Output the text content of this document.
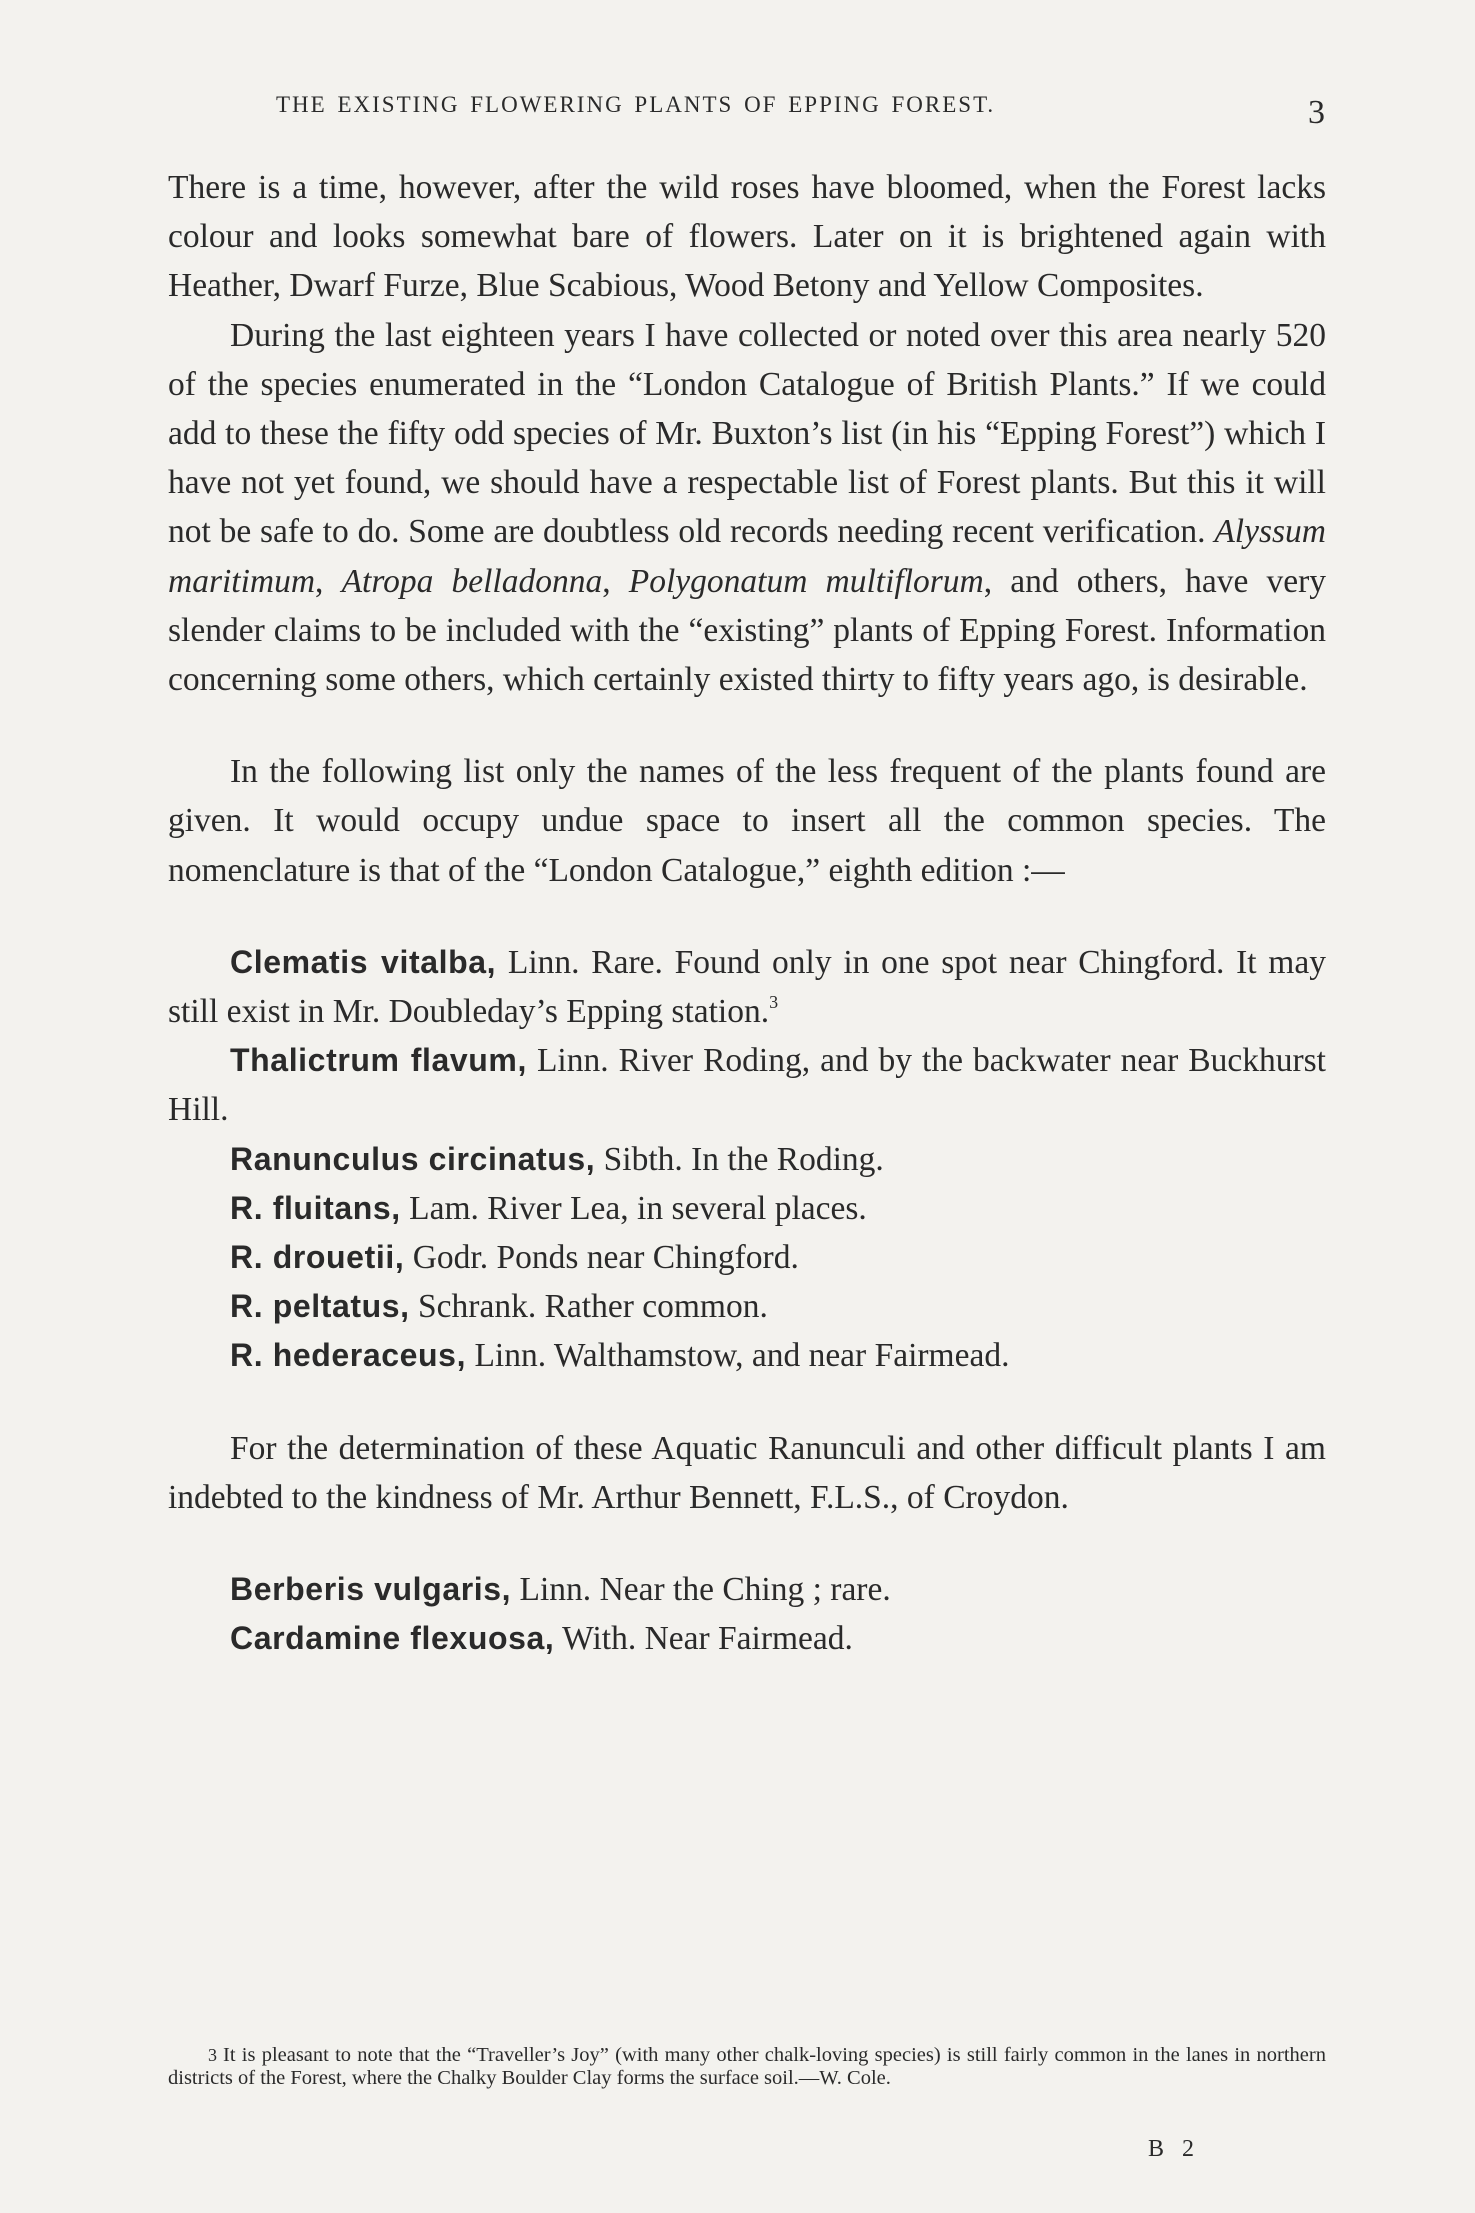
THE EXISTING FLOWERING PLANTS OF EPPING FOREST.	3

There is a time, however, after the wild roses have bloomed, when the Forest lacks colour and looks somewhat bare of flowers. Later on it is brightened again with Heather, Dwarf Furze, Blue Scabious, Wood Betony and Yellow Composites.

During the last eighteen years I have collected or noted over this area nearly 520 of the species enumerated in the “London Catalogue of British Plants.” If we could add to these the fifty odd species of Mr. Buxton’s list (in his “Epping Forest”) which I have not yet found, we should have a respectable list of Forest plants. But this it will not be safe to do. Some are doubtless old records needing recent verification. Alyssum maritimum, Atropa belladonna, Polygonatum multiflorum, and others, have very slender claims to be included with the “existing” plants of Epping Forest. Information concerning some others, which certainly existed thirty to fifty years ago, is desirable.

In the following list only the names of the less frequent of the plants found are given. It would occupy undue space to insert all the common species. The nomenclature is that of the “London Catalogue,” eighth edition :—

Clematis vitalba, Linn. Rare. Found only in one spot near Chingford. It may still exist in Mr. Doubleday’s Epping station.$^3$

Thalictrum flavum, Linn. River Roding, and by the backwater near Buckhurst Hill.

Ranunculus circinatus, Sibth. In the Roding.

R. fluitans, Lam. River Lea, in several places.

R. drouetii, Godr. Ponds near Chingford.

R. peltatus, Schrank. Rather common.

R. hederaceus, Linn. Walthamstow, and near Fairmead.

For the determination of these Aquatic Ranunculi and other difficult plants I am indebted to the kindness of Mr. Arthur Bennett, F.L.S., of Croydon.

Berberis vulgaris, Linn. Near the Ching ; rare.

Cardamine flexuosa, With. Near Fairmead.

3 It is pleasant to note that the “Traveller’s Joy” (with many other chalk-loving species) is still fairly common in the lanes in northern districts of the Forest, where the Chalky Boulder Clay forms the surface soil.—W. Cole.
B 2
